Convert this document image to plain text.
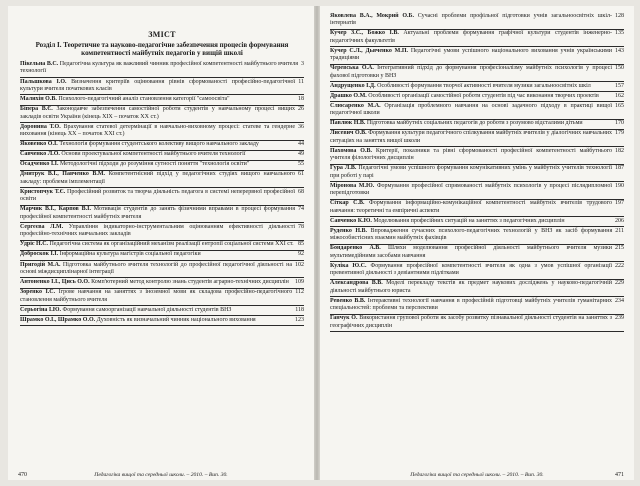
ЗМІСТ
Розділ I. Теоретичне та науково-педагогічне забезпечення процесів формування компетентності майбутніх педагогів у вищій школі
3
Пікельна В.С. Педагогічна культура як важливий чинник професійної компетентності майбутнього вчителя технології
11
Пальшкова І.О. Визначення критеріїв оцінювання рівнів сформованості професійно-педагогічної культури вчителя початкових класів
18
Малихін О.В. Психолого-педагогічний аналіз становлення категорії "самоосвіта"
26
Біпера В.Є. Законодавче забезпечення самостійної роботи студентів у навчальному процесі вищих закладів освіти України (кінець XIX – початок XX ст.)
36
Доронина Т.О. Врахування статевої детермінації в навчально-виховному процесі: статеве та гендерне виховання (кінець XX – початок XXI ст.)
44
Яковенко О.І. Технологія формування студентського колективу вищого навчального закладу
49
Савченко Л.О. Основи проектувальної компетентності майбутнього вчителя технології
55
Осадченко І.І. Методологічні підходи до розуміння сутності поняття "технологія освіти"
61
Дмитрук В.І., Павченко В.М. Компетентнісний підхід у педагогічних студіях вищого навчального закладу: проблеми імплементації
68
Кристопчук Т.Є. Професійний розвиток та творча діяльність педагога в системі неперервної професійної освіти
74
Марчик В.І., Карпов В.І. Мотивація студентів до занять фізичними вправами в процесі формування професійної компетентності майбутніх вчителя
78
Сергеєва Л.М. Управління індикаторно-інструментальним оцінюванням ефективності діяльності професійно-технічних навчальних закладів
85
Удріс Н.С. Педагогічна система як організаційний механізм реалізації ентропії соціальної системи XXI ст.
92
Доброскок І.І. Інформаційна культура магістрів соціальної педагогіки
102
Пригодій М.А. Підготовка майбутнього вчителя технологій до професійної педагогічної діяльності на основі міждисциплінарної інтеграції
109
Антоненко І.І., Цись О.О. Комп'ютерний метод контролю знань студентів аграрно-технічних дисциплін
112
Зоренко І.С. Ігрове навчання на заняттях з іноземної мови як складова професійно-педагогічного становлення майбутнього вчителя
118
Серьогіна І.Ю. Формування самоорганізації навчальної діяльності студентів ВНЗ
123
Шрамко О.І., Шрамко О.О. Духовність як визначальний чинник національного виховання
470	Педагогіка вищої та середньої школи. – 2010. – Вип. 30.
128
Яковлева В.А., Мокрий О.Б. Сучасні проблеми профільної підготовки учнів загальноосвітніх шкіл-інтернатів
135
Кучер З.С., Божко І.В. Актуальні проблеми формування графічної культури студентів інженерно-педагогічних факультетів
143
Кучер С.Л., Дьяченко М.П. Педагогічні умови успішного національного виховання учнів українськими традиціями
150
Черевська О.А. Інтегративний підхід до формування професіоналізму майбутніх психологів у процесі фахової підготовки у ВНЗ
157
Андрущенко І.Д. Особливості формування творчої активності вчителя музики загальноосвітніх шкіл
162
Драшко О.М. Особливості організації самостійної роботи студентів під час виконання творчих проектів
165
Слюсаренко М.А. Організація проблемного навчання на основі задачного підходу в практиці вищої педагогічної школи
170
Павлюк Н.В. Підготовка майбутніх соціальних педагогів до роботи з розумово відсталими дітьми
179
Лисевич О.В. Формування культури педагогічного спілкування майбутніх вчителів у діалогічних навчальних ситуаціях на заняттях вищої школи
182
Пахомова О.В. Критерії, показники та рівні сформованості професійної компетентності майбутнього учителя філологічних дисциплін
187
Гура Л.В. Педагогічні умови успішного формування комунікативних умінь у майбутніх учителів технології при роботі у парі
190
Міронова М.Ю. Формування професійної спрямованості майбутніх психологів у процесі післядипломної перепідготовки
197
Сіткар С.В. Формування інформаційно-комунікаційної компетентності майбутніх вчителів трудового навчання: теоретичні та емпіричні аспекти
206
Савченко К.Ю. Моделювання професійних ситуацій на заняттях з педагогічних дисциплін
211
Руденко Н.В. Впровадження сучасних психолого-педагогічних технологій у ВНЗ як засіб формування міжособистісних взаємин майбутніх фахівців
215
Бондаренко А.В. Шляхи моделювання професійної діяльності майбутнього вчителя музики мультимедійними засобами навчання
222
Куліка Ю.С. Формування професійної компетентності вчителя як одна з умов успішної організації превентивної діяльності з девіантними підлітками
229
Александрова В.В. Моделі перекладу текстів як предмет наукових досліджень у науково-педагогічній діяльності майбутнього юриста
234
Ревенко В.В. Інтерактивні технології навчання в професійній підготовці майбутніх учителів гуманітарних спеціальностей: проблеми та перспективи
239
Ганчук О. Використання групової роботи як засобу розвитку пізнавальної діяльності студентів на заняттях з географічних дисциплін
Педагогіка вищої та середньої школи. – 2010. – Вип. 30.	471
